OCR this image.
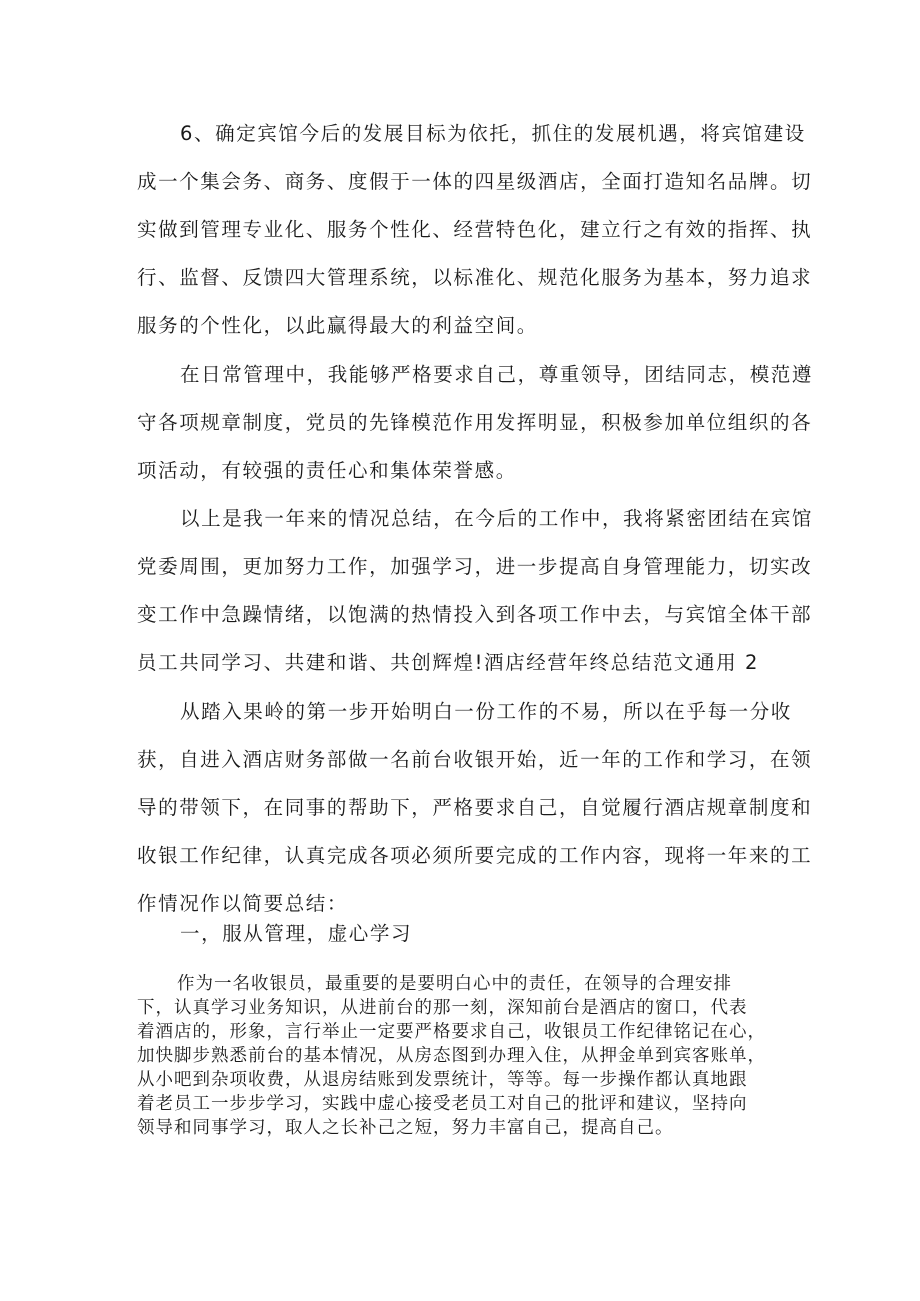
6、确定宾馆今后的发展目标为依托，抓住的发展机遇，将宾馆建设
成一个集会务、商务、度假于一体的四星级酒店，全面打造知名品牌。切
实做到管理专业化、服务个性化、经营特色化，建立行之有效的指挥、执
行、监督、反馈四大管理系统，以标准化、规范化服务为基本，努力追求
服务的个性化，以此赢得最大的利益空间。
在日常管理中，我能够严格要求自己，尊重领导，团结同志，模范遵
守各项规章制度，党员的先锋模范作用发挥明显，积极参加单位组织的各
项活动，有较强的责任心和集体荣誉感。
以上是我一年来的情况总结，在今后的工作中，我将紧密团结在宾馆
党委周围，更加努力工作，加强学习，进一步提高自身管理能力，切实改
变工作中急躁情绪，以饱满的热情投入到各项工作中去，与宾馆全体干部
员工共同学习、共建和谐、共创辉煌!酒店经营年终总结范文通用 2
从踏入果岭的第一步开始明白一份工作的不易，所以在乎每一分收
获，自进入酒店财务部做一名前台收银开始，近一年的工作和学习，在领
导的带领下，在同事的帮助下，严格要求自己，自觉履行酒店规章制度和
收银工作纪律，认真完成各项必须所要完成的工作内容，现将一年来的工
作情况作以简要总结：
一，服从管理，虚心学习
作为一名收银员，最重要的是要明白心中的责任，在领导的合理安排
下，认真学习业务知识，从进前台的那一刻，深知前台是酒店的窗口，代表
着酒店的，形象，言行举止一定要严格要求自己，收银员工作纪律铭记在心，
加快脚步熟悉前台的基本情况，从房态图到办理入住，从押金单到宾客账单，
从小吧到杂项收费，从退房结账到发票统计，等等。每一步操作都认真地跟
着老员工一步步学习，实践中虚心接受老员工对自己的批评和建议，坚持向
领导和同事学习，取人之长补己之短，努力丰富自己，提高自己。
